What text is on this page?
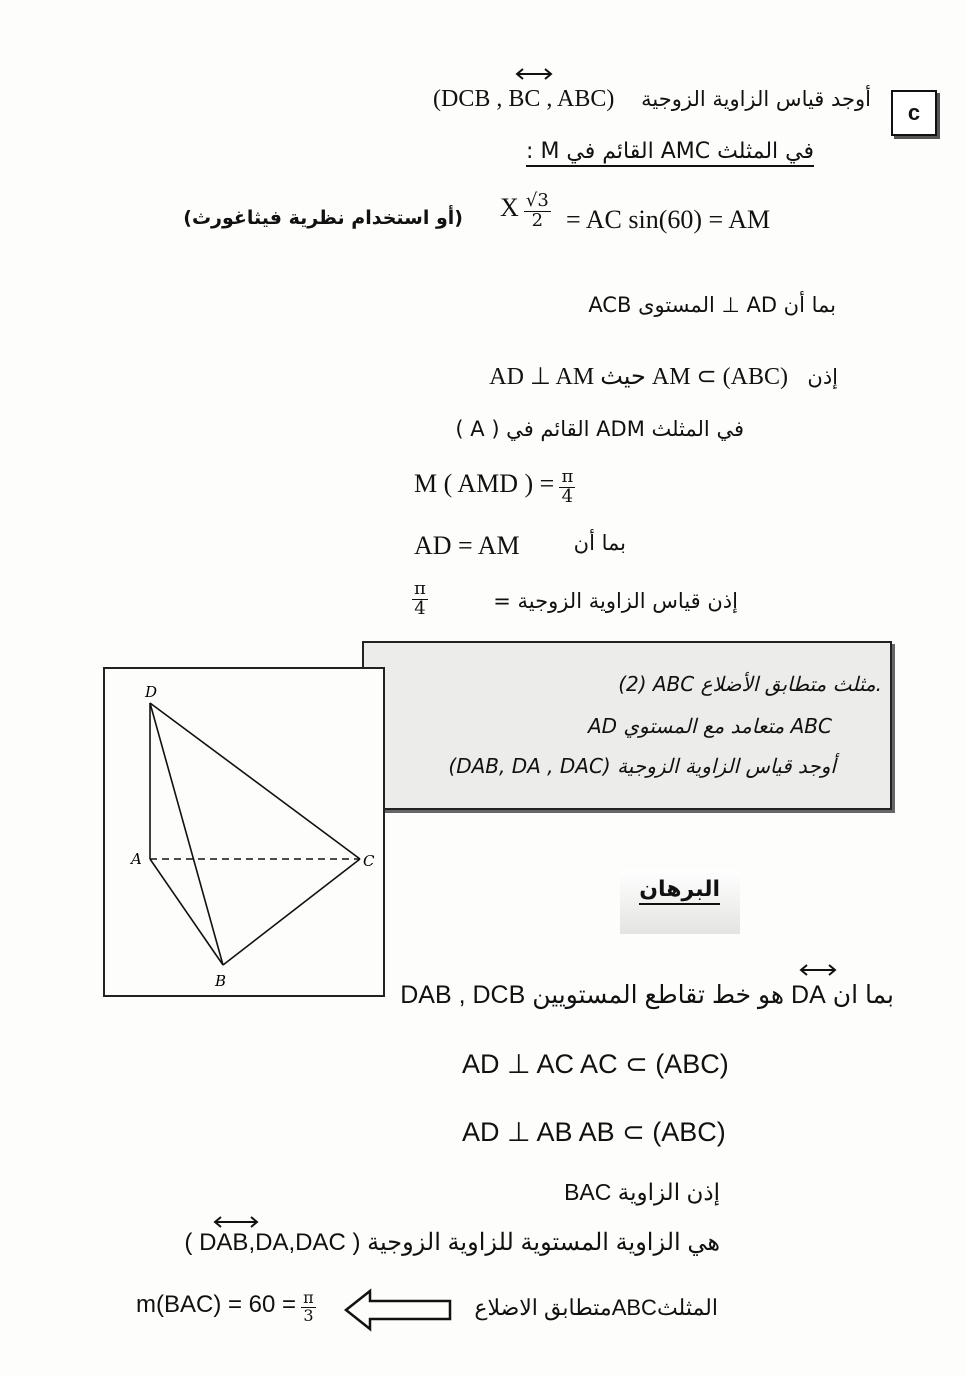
c
أوجد قياس الزاوية الزوجية
(DCB , BC , ABC)
في المثلث AMC القائم في M :
X $\frac{√3}{2}$ = AC sin(60) = AM
(أو استخدام نظرية فيثاغورث)
بما أن AD ⊥ المستوى ACB
إذن
AD ⊥ AM حيث AM ⊂ (ABC)
في المثلث ADM القائم في ( A )
M ( AMD ) = $\frac{\pi}{4}$
AD = AM	بما أن
$\frac{\pi}{4}$	إذن قياس الزاوية الزوجية =
(2) ABC مثلث متطابق الأضلاع.
AD متعامد مع المستوي ABC
أوجد قياس الزاوية الزوجية (DAB, DA , DAC)
D
A
B
C
البرهان
بما ان DA هو خط تقاطع المستويين DAB , DCB
AD ⊥ AC AC ⊂ (ABC)
AD ⊥ AB AB ⊂ (ABC)
إذن الزاوية BAC
هي الزاوية المستوية للزاوية الزوجية ( DAB,DA,DAC )
$m(BAC) = 60 = \frac{\pi}{3}$	المثلثABCمتطابق الاضلاع
